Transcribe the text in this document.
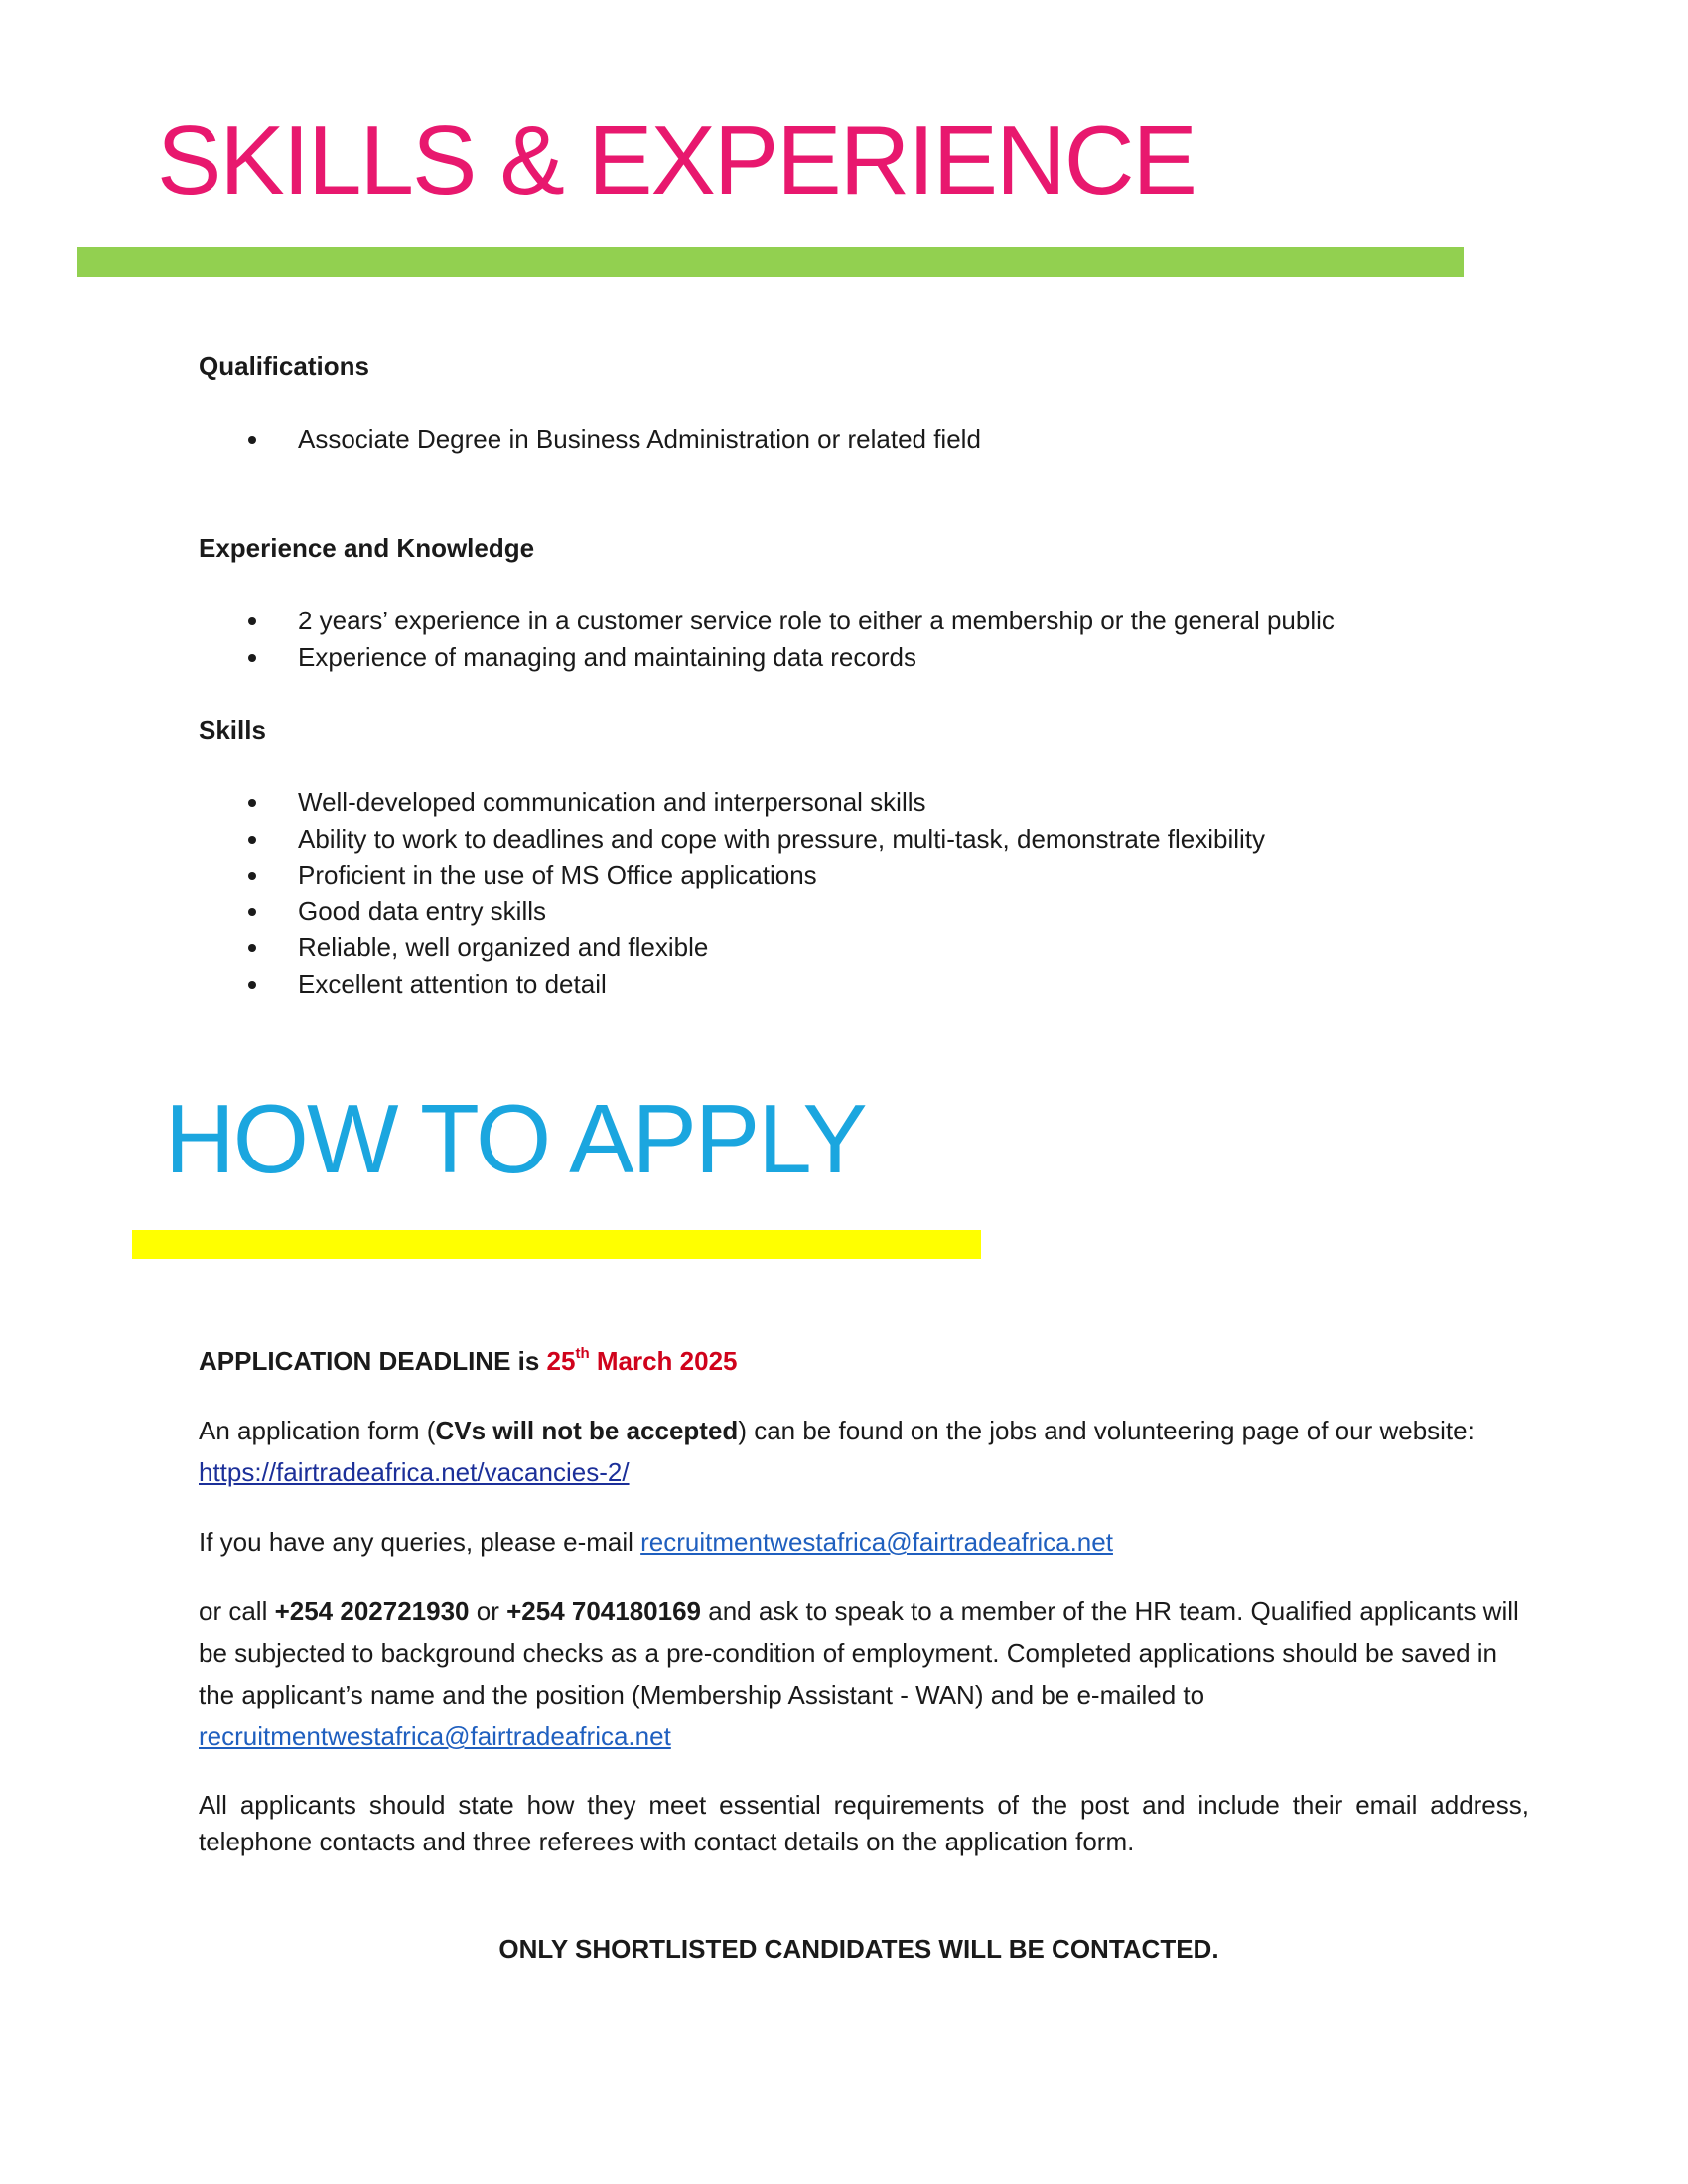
SKILLS & EXPERIENCE
Qualifications
Associate Degree in Business Administration or related field
Experience and Knowledge
2 years’ experience in a customer service role to either a membership or the general public
Experience of managing and maintaining data records
Skills
Well-developed communication and interpersonal skills
Ability to work to deadlines and cope with pressure, multi-task, demonstrate flexibility
Proficient in the use of MS Office applications
Good data entry skills
Reliable, well organized and flexible
Excellent attention to detail
HOW TO APPLY
APPLICATION DEADLINE is 25th March 2025
An application form (CVs will not be accepted) can be found on the jobs and volunteering page of our website:
https://fairtradeafrica.net/vacancies-2/
If you have any queries, please e-mail recruitmentwestafrica@fairtradeafrica.net
or call +254 202721930 or +254 704180169 and ask to speak to a member of the HR team. Qualified applicants will be subjected to background checks as a pre-condition of employment. Completed applications should be saved in the applicant’s name and the position (Membership Assistant - WAN) and be e-mailed to
recruitmentwestafrica@fairtradeafrica.net
All applicants should state how they meet essential requirements of the post and include their email address, telephone contacts and three referees with contact details on the application form.
ONLY SHORTLISTED CANDIDATES WILL BE CONTACTED.
